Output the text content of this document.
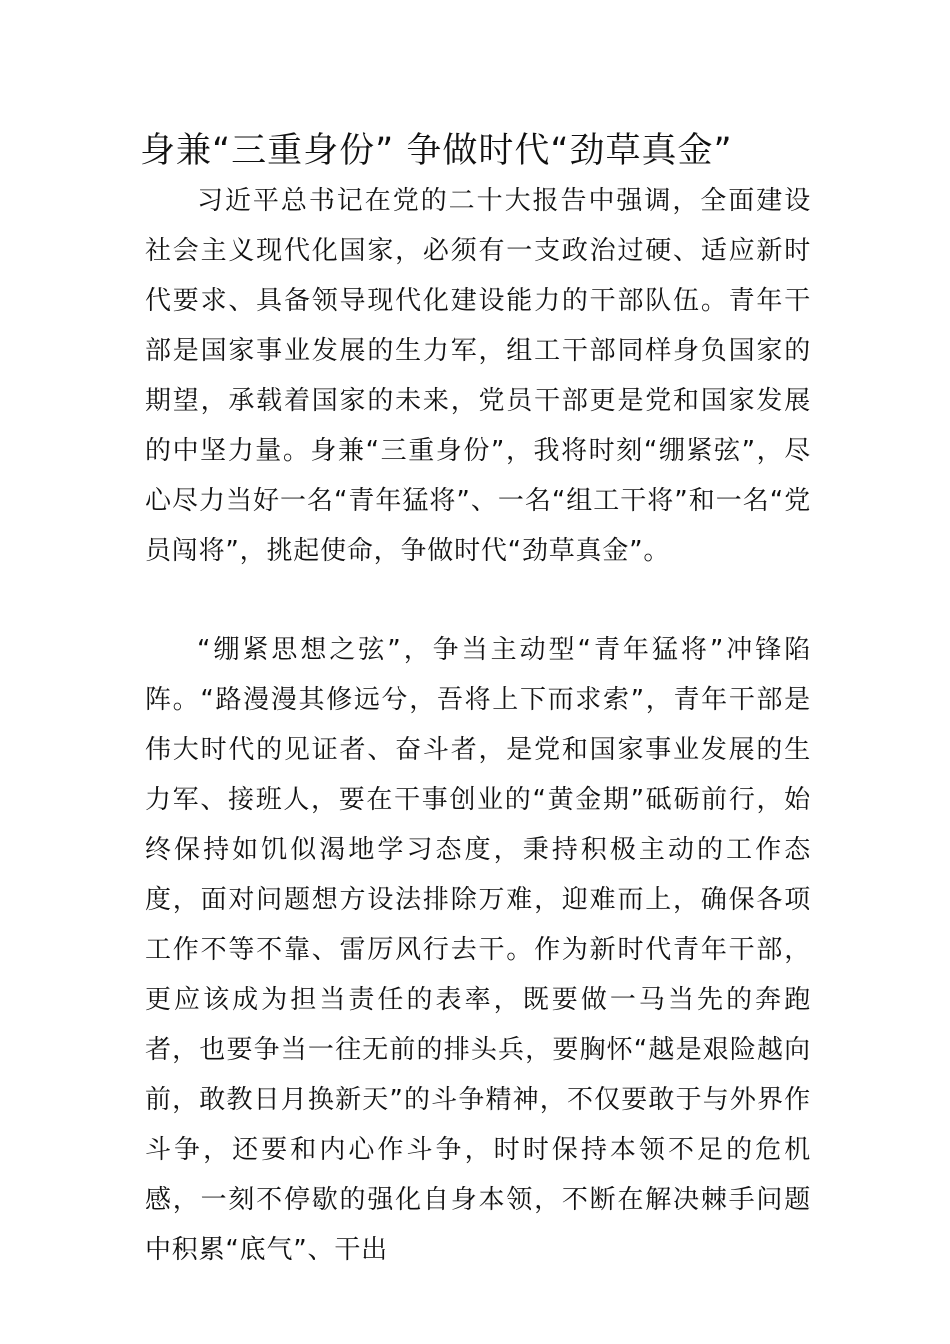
身兼“三重身份” 争做时代“劲草真金”

习近平总书记在党的二十大报告中强调，全面建设社会主义现代化国家，必须有一支政治过硬、适应新时代要求、具备领导现代化建设能力的干部队伍。青年干部是国家事业发展的生力军，组工干部同样身负国家的期望，承载着国家的未来，党员干部更是党和国家发展的中坚力量。身兼“三重身份”，我将时刻“绷紧弦”，尽心尽力当好一名“青年猛将”、一名“组工干将”和一名“党员闯将”，挑起使命，争做时代“劲草真金”。

“绷紧思想之弦”，争当主动型“青年猛将”冲锋陷阵。“路漫漫其修远兮，吾将上下而求索”，青年干部是伟大时代的见证者、奋斗者，是党和国家事业发展的生力军、接班人，要在干事创业的“黄金期”砥砺前行，始终保持如饥似渴地学习态度，秉持积极主动的工作态度，面对问题想方设法排除万难，迎难而上，确保各项工作不等不靠、雷厉风行去干。作为新时代青年干部，更应该成为担当责任的表率，既要做一马当先的奔跑者，也要争当一往无前的排头兵，要胸怀“越是艰险越向前，敢教日月换新天”的斗争精神，不仅要敢于与外界作斗争，还要和内心作斗争，时时保持本领不足的危机感，一刻不停歇的强化自身本领，不断在解决棘手问题中积累“底气”、干出
